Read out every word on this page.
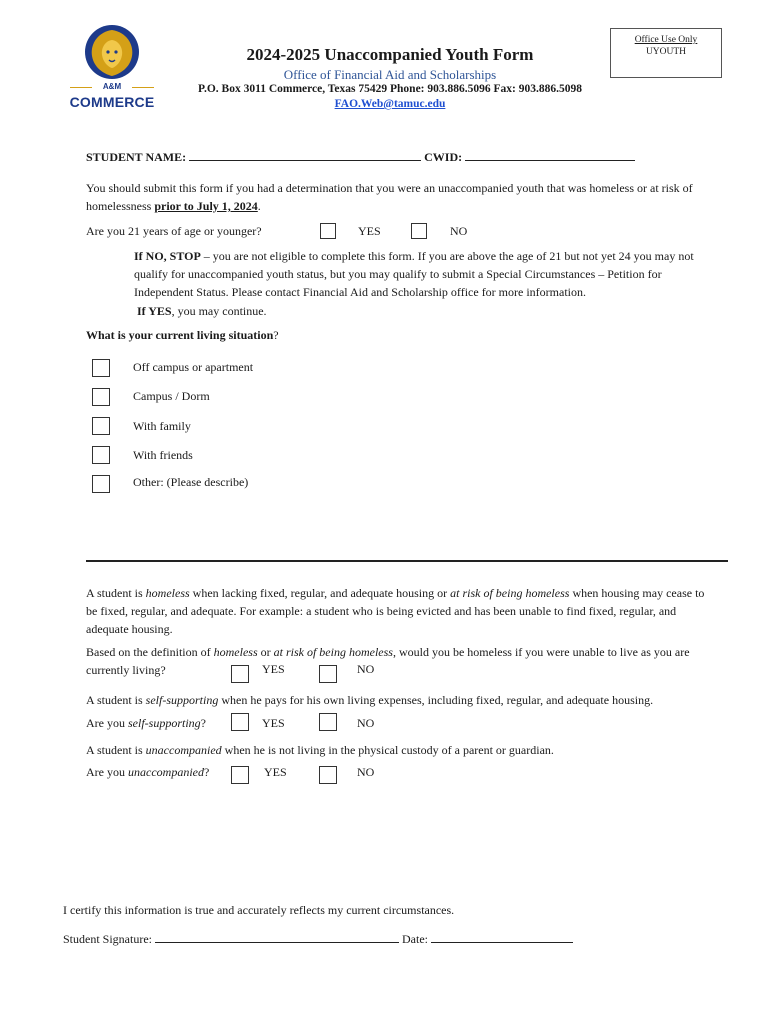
A&M
COMMERCE
2024-2025 Unaccompanied Youth Form
Office of Financial Aid and Scholarships
P.O. Box 3011 Commerce, Texas 75429 Phone: 903.886.5096 Fax: 903.886.5098
FAO.Web@tamuc.edu
Office Use Only
UYOUTH
STUDENT NAME:	CWID:
You should submit this form if you had a determination that you were an unaccompanied youth that was homeless or at risk of
homelessness prior to July 1, 2024.
Are you 21 years of age or younger?	YES	NO
If NO, STOP – you are not eligible to complete this form. If you are above the age of 21 but not yet 24 you may not
qualify for unaccompanied youth status, but you may qualify to submit a Special Circumstances – Petition for
Independent Status. Please contact Financial Aid and Scholarship office for more information.
If YES, you may continue.
What is your current living situation?
Off campus or apartment
Campus / Dorm
With family
With friends
Other: (Please describe)
A student is homeless when lacking fixed, regular, and adequate housing or at risk of being homeless when housing may cease to
be fixed, regular, and adequate. For example: a student who is being evicted and has been unable to find fixed, regular, and
adequate housing.
Based on the definition of homeless or at risk of being homeless, would you be homeless if you were unable to live as you are
currently living?	YES	NO
A student is self-supporting when he pays for his own living expenses, including fixed, regular, and adequate housing.
Are you self-supporting?	YES	NO
A student is unaccompanied when he is not living in the physical custody of a parent or guardian.
Are you unaccompanied?	YES	NO
I certify this information is true and accurately reflects my current circumstances.
Student Signature:	Date:
